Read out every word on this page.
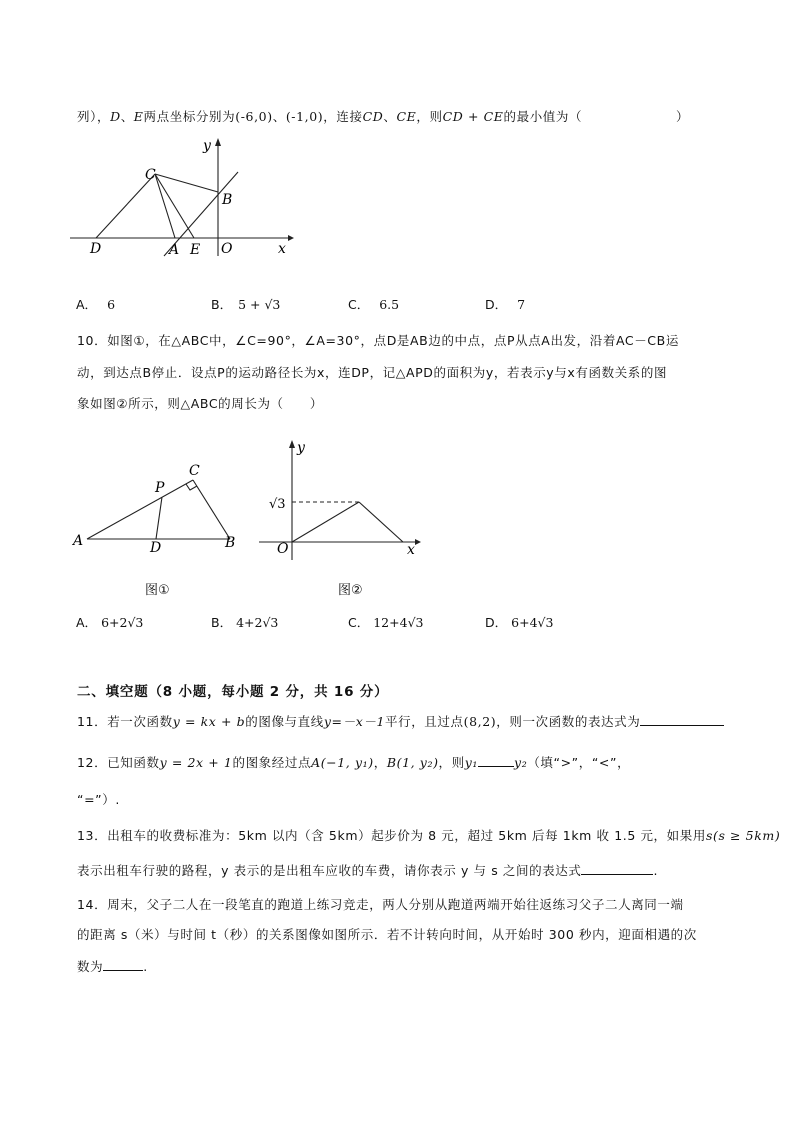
列），D、E两点坐标分别为(-6,0)、(-1,0)，连接CD、CE，则CD + CE的最小值为（	）
y
C
B
D	A E O	x
A． 6	B． 5 + √3	C． 6.5	D． 7
10．如图①，在△ABC中，∠C=90°，∠A=30°，点D是AB边的中点，点P从点A出发，沿着AC－CB运
动，到达点B停止．设点P的运动路径长为x，连DP，记△APD的面积为y，若表示y与x有函数关系的图
象如图②所示，则△ABC的周长为（　　）
A	B
C
D
P
图①
y
√3
O	x
图②
A． 6+2√3	B． 4+2√3	C． 12+4√3	D． 6+4√3
二、填空题（8 小题，每小题 2 分，共 16 分）
11．若一次函数y = kx + b的图像与直线y=－x－1平行，且过点(8,2)，则一次函数的表达式为
12．已知函数y = 2x + 1的图象经过点A(−1, y₁)，B(1, y₂)，则y₁	y₂（填“>”，“<”，
“=”）.
13．出租车的收费标准为：5km 以内（含 5km）起步价为 8 元，超过 5km 后每 1km 收 1.5 元，如果用s(s ≥ 5km)
表示出租车行驶的路程，y 表示的是出租车应收的车费，请你表示 y 与 s 之间的表达式	.
14．周末，父子二人在一段笔直的跑道上练习竞走，两人分别从跑道两端开始往返练习父子二人离同一端
的距离 s（米）与时间 t（秒）的关系图像如图所示．若不计转向时间，从开始时 300 秒内，迎面相遇的次
数为	.
